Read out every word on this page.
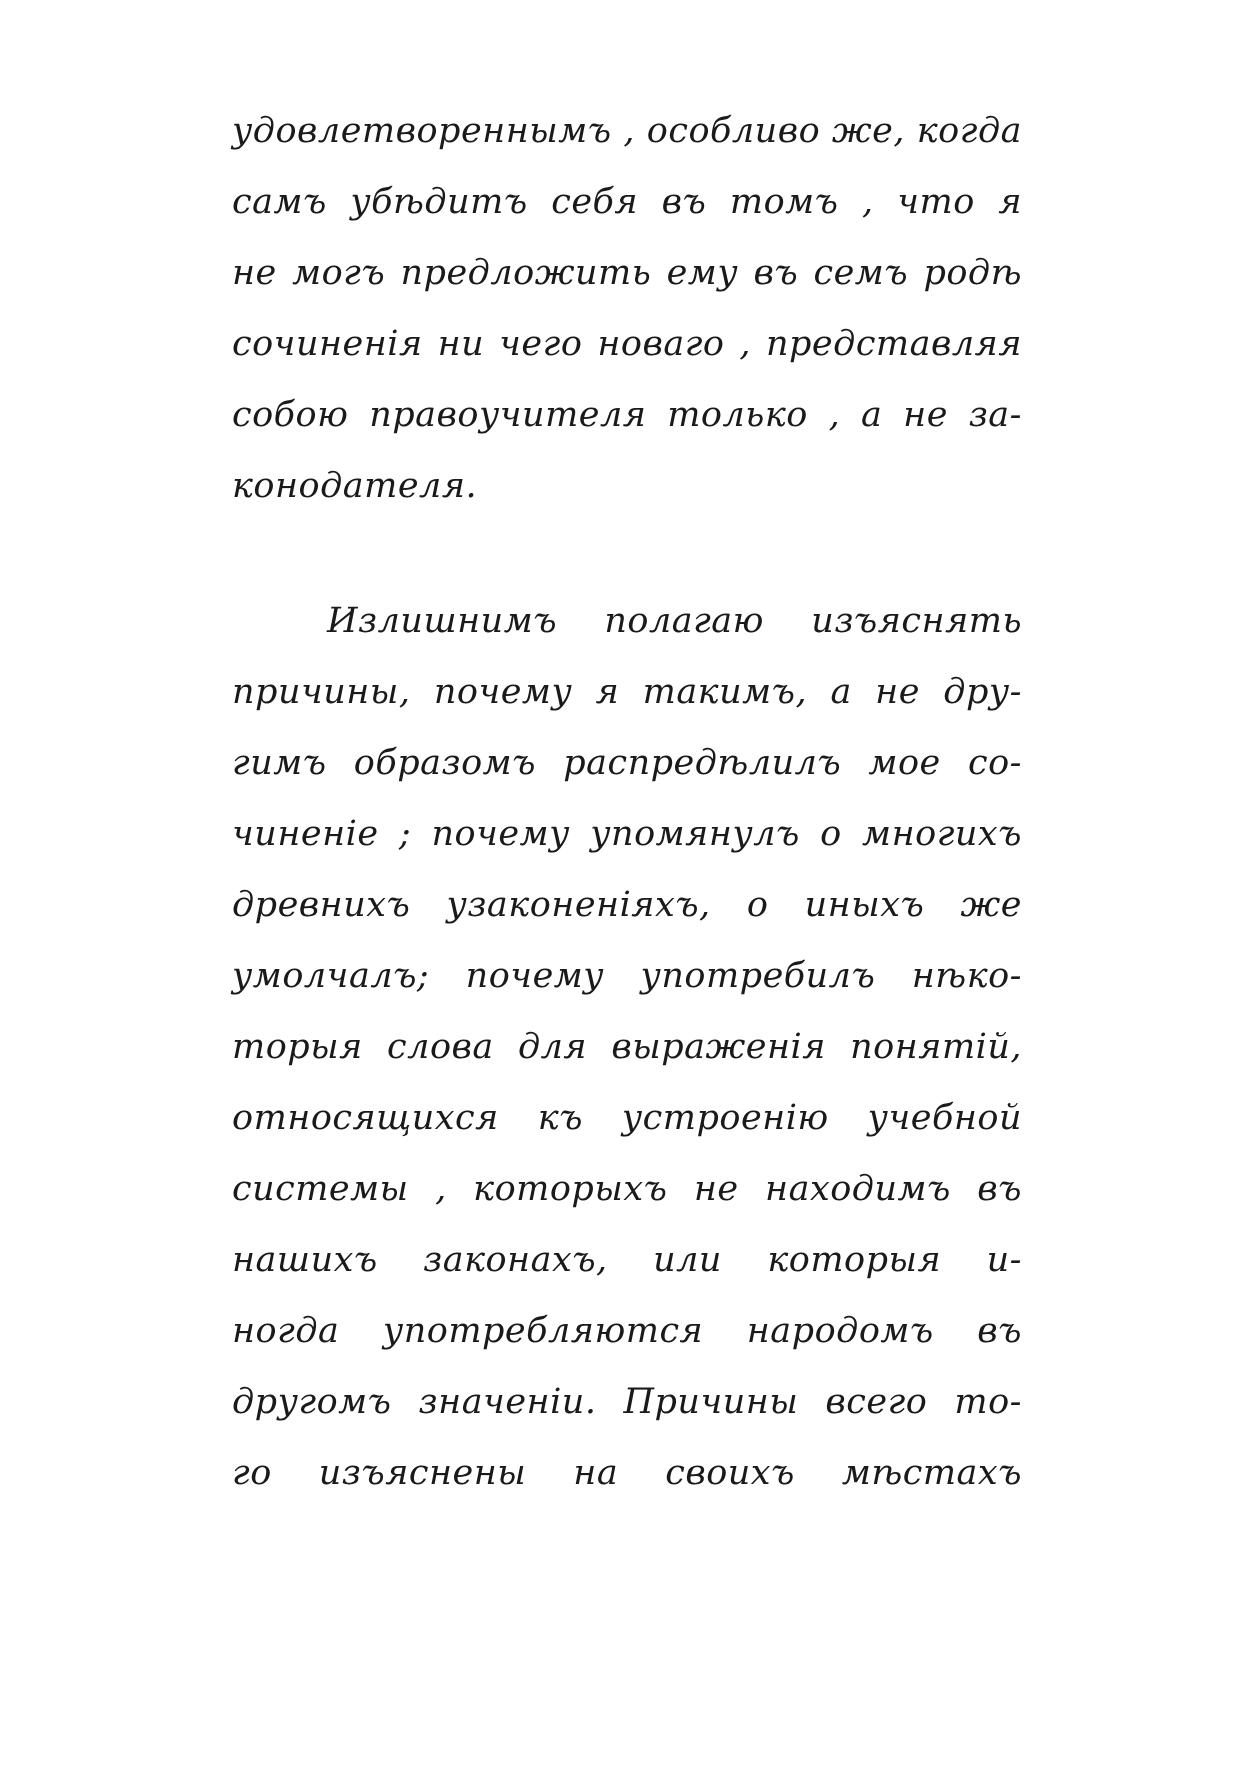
удовлетвореннымъ , особливо же, когда
самъ убѣдитъ себя въ томъ , что я
не могъ предложить ему въ семъ родѣ
сочиненія ни чего новаго , представляя
собою правоучителя только , а не за-
конодателя.
Излишнимъ полагаю изъяснять
причины, почему я такимъ, а не дру-
гимъ образомъ распредѣлилъ мое со-
чиненіе ; почему упомянулъ о многихъ
древнихъ узаконеніяхъ, о иныхъ же
умолчалъ; почему употребилъ нѣко-
торыя слова для выраженія понятій,
относящихся къ устроенію учебной
системы , которыхъ не находимъ въ
нашихъ законахъ, или которыя и-
ногда употребляются народомъ въ
другомъ значеніи. Причины всего то-
го изъяснены на своихъ мѣстахъ
